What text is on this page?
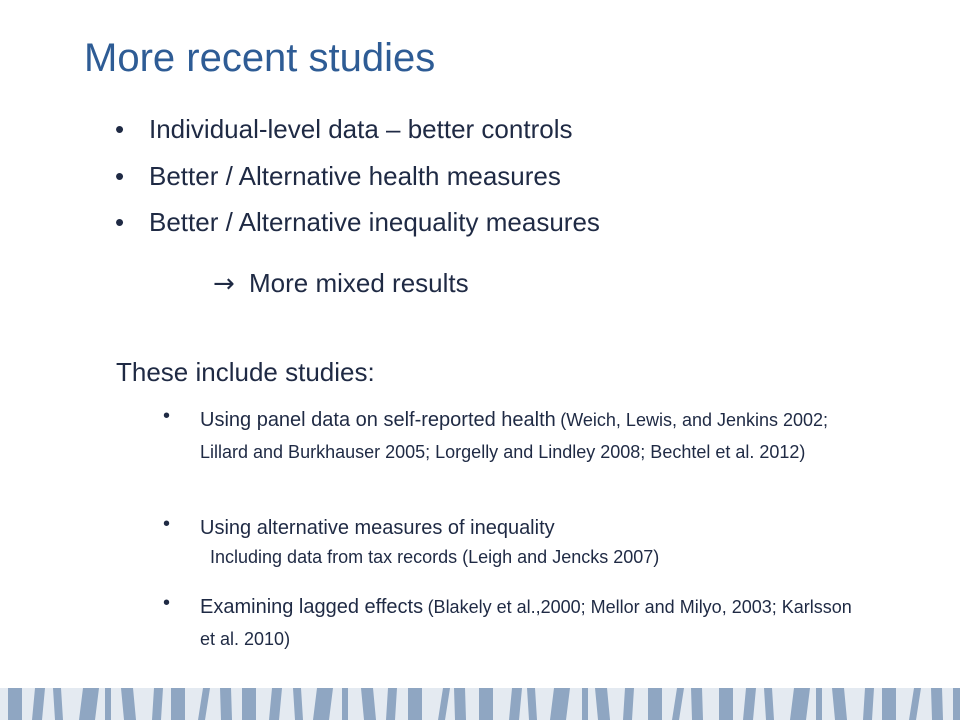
More recent studies
• Individual-level data – better controls
• Better / Alternative health measures
• Better / Alternative inequality measures
→ More mixed results
These include studies:
• Using panel data on self-reported health (Weich, Lewis, and Jenkins 2002; Lillard and Burkhauser 2005; Lorgelly and Lindley 2008; Bechtel et al. 2012)
• Using alternative measures of inequality
Including data from tax records (Leigh and Jencks 2007)
• Examining lagged effects (Blakely et al.,2000; Mellor and Milyo, 2003; Karlsson et al. 2010)
